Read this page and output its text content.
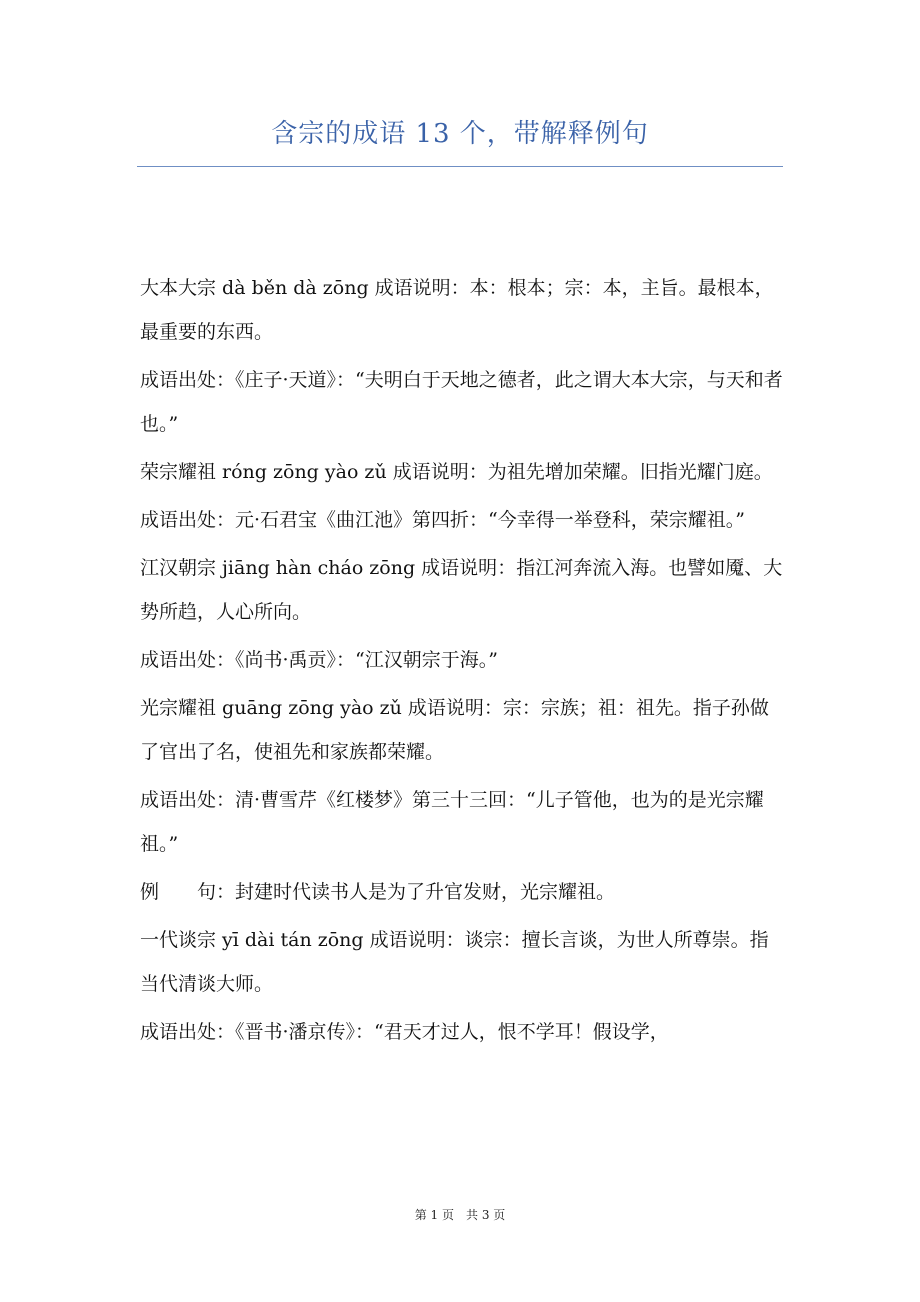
含宗的成语 13 个，带解释例句

大本大宗 dà běn dà zōng 成语说明：本：根本；宗：本，主旨。最根本，最重要的东西。

成语出处：《庄子·天道》：“夫明白于天地之德者，此之谓大本大宗，与天和者也。”

荣宗耀祖 róng zōng yào zǔ 成语说明：为祖先增加荣耀。旧指光耀门庭。

成语出处：元·石君宝《曲江池》第四折：“今幸得一举登科，荣宗耀祖。”

江汉朝宗 jiāng hàn cháo zōng 成语说明：指江河奔流入海。也譬如魇、大势所趋，人心所向。

成语出处：《尚书·禹贡》：“江汉朝宗于海。”

光宗耀祖 guāng zōng yào zǔ 成语说明：宗：宗族；祖：祖先。指子孙做了官出了名，使祖先和家族都荣耀。

成语出处：清·曹雪芹《红楼梦》第三十三回：“儿子管他，也为的是光宗耀祖。”

例　　句：封建时代读书人是为了升官发财，光宗耀祖。

一代谈宗 yī dài tán zōng 成语说明：谈宗：擅长言谈，为世人所尊崇。指当代清谈大师。

成语出处：《晋书·潘京传》：“君天才过人，恨不学耳！假设学，

第 1 页　共 3 页
